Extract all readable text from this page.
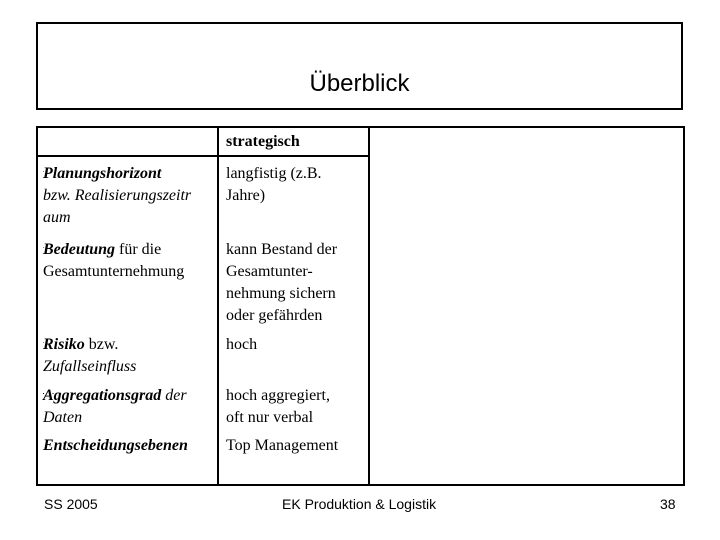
Überblick
strategisch
Planungshorizont
bzw. Realisierungszeitr
aum
langfistig (z.B.
Jahre)
Bedeutung für die
Gesamtunternehmung
kann Bestand der
Gesamtunter-
nehmung sichern
oder gefährden
Risiko bzw.
Zufallseinfluss
hoch
Aggregationsgrad der
Daten
hoch aggregiert,
oft nur verbal
Entscheidungsebenen Top Management
SS 2005	EK Produktion & Logistik	38
